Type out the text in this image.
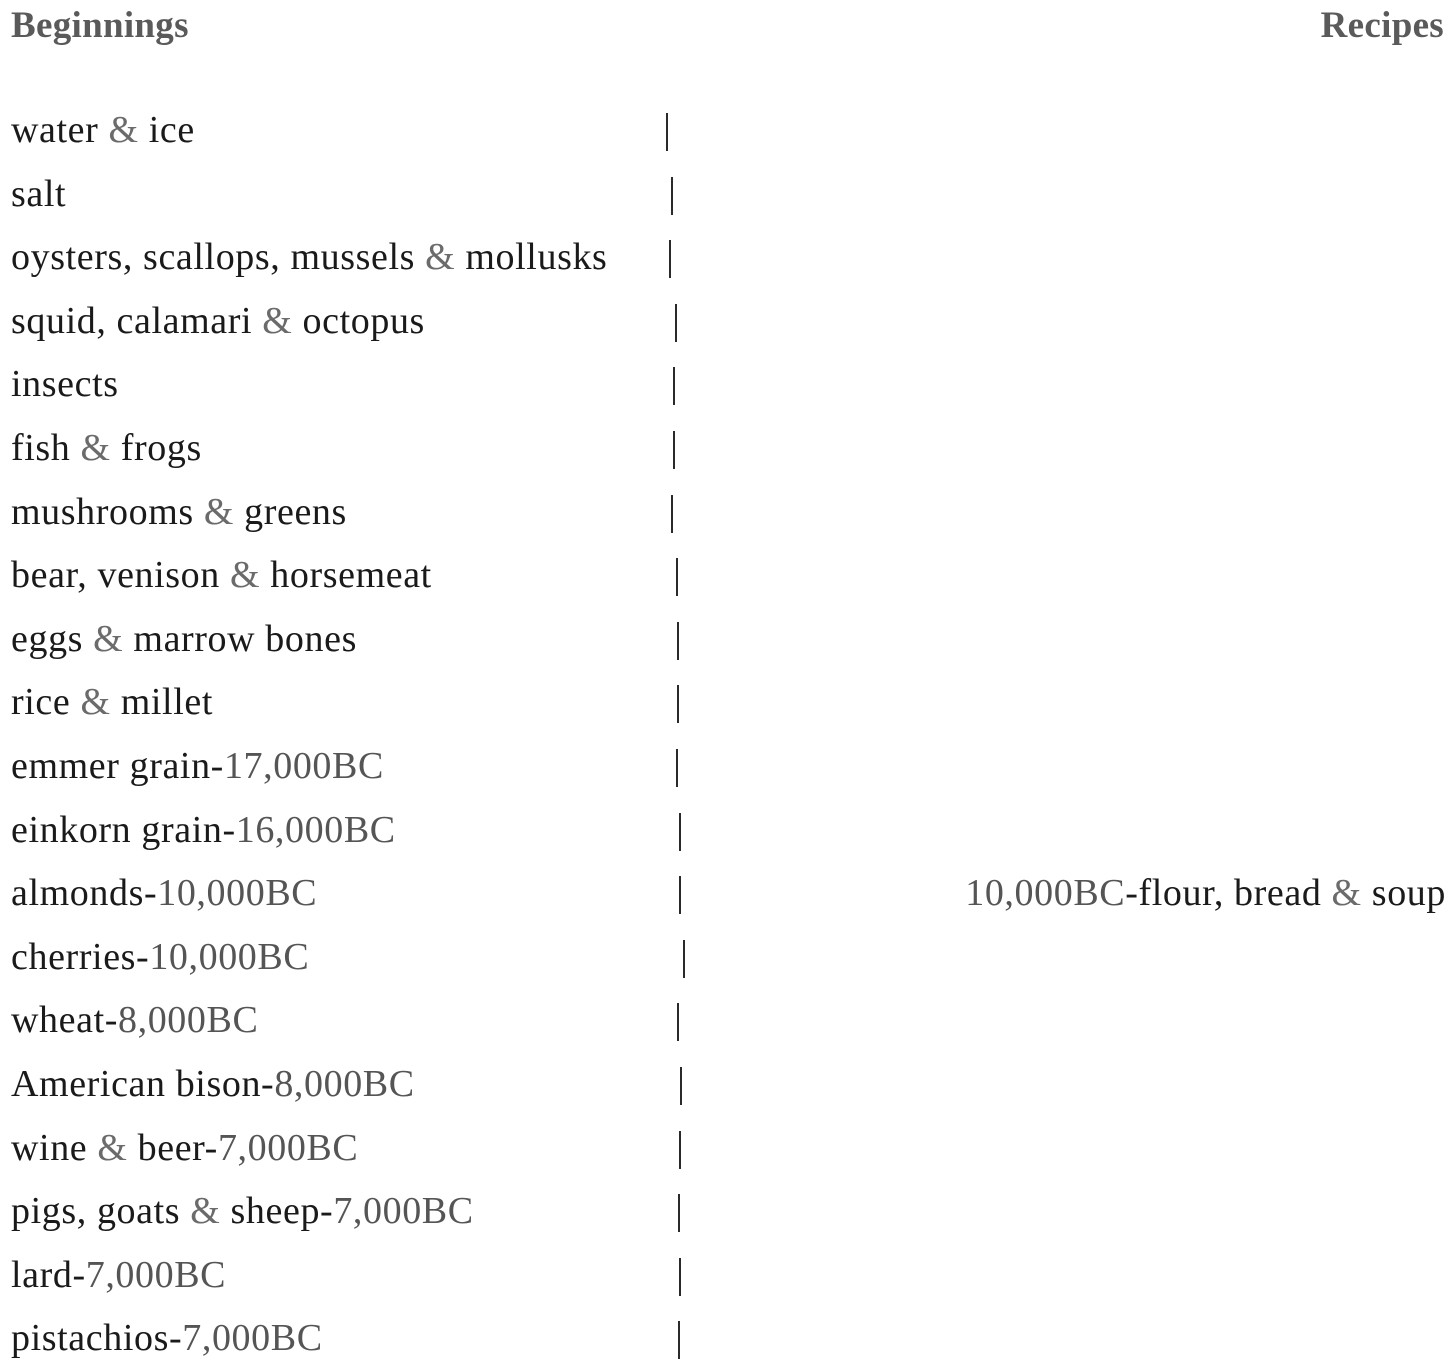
Beginnings	Recipes
water & ice
salt
oysters, scallops, mussels & mollusks
squid, calamari & octopus
insects
fish & frogs
mushrooms & greens
bear, venison & horsemeat
eggs & marrow bones
rice & millet
emmer grain-17,000BC
einkorn grain-16,000BC
almonds-10,000BC	10,000BC-flour, bread & soup
cherries-10,000BC
wheat-8,000BC
American bison-8,000BC
wine & beer-7,000BC
pigs, goats & sheep-7,000BC
lard-7,000BC
pistachios-7,000BC
